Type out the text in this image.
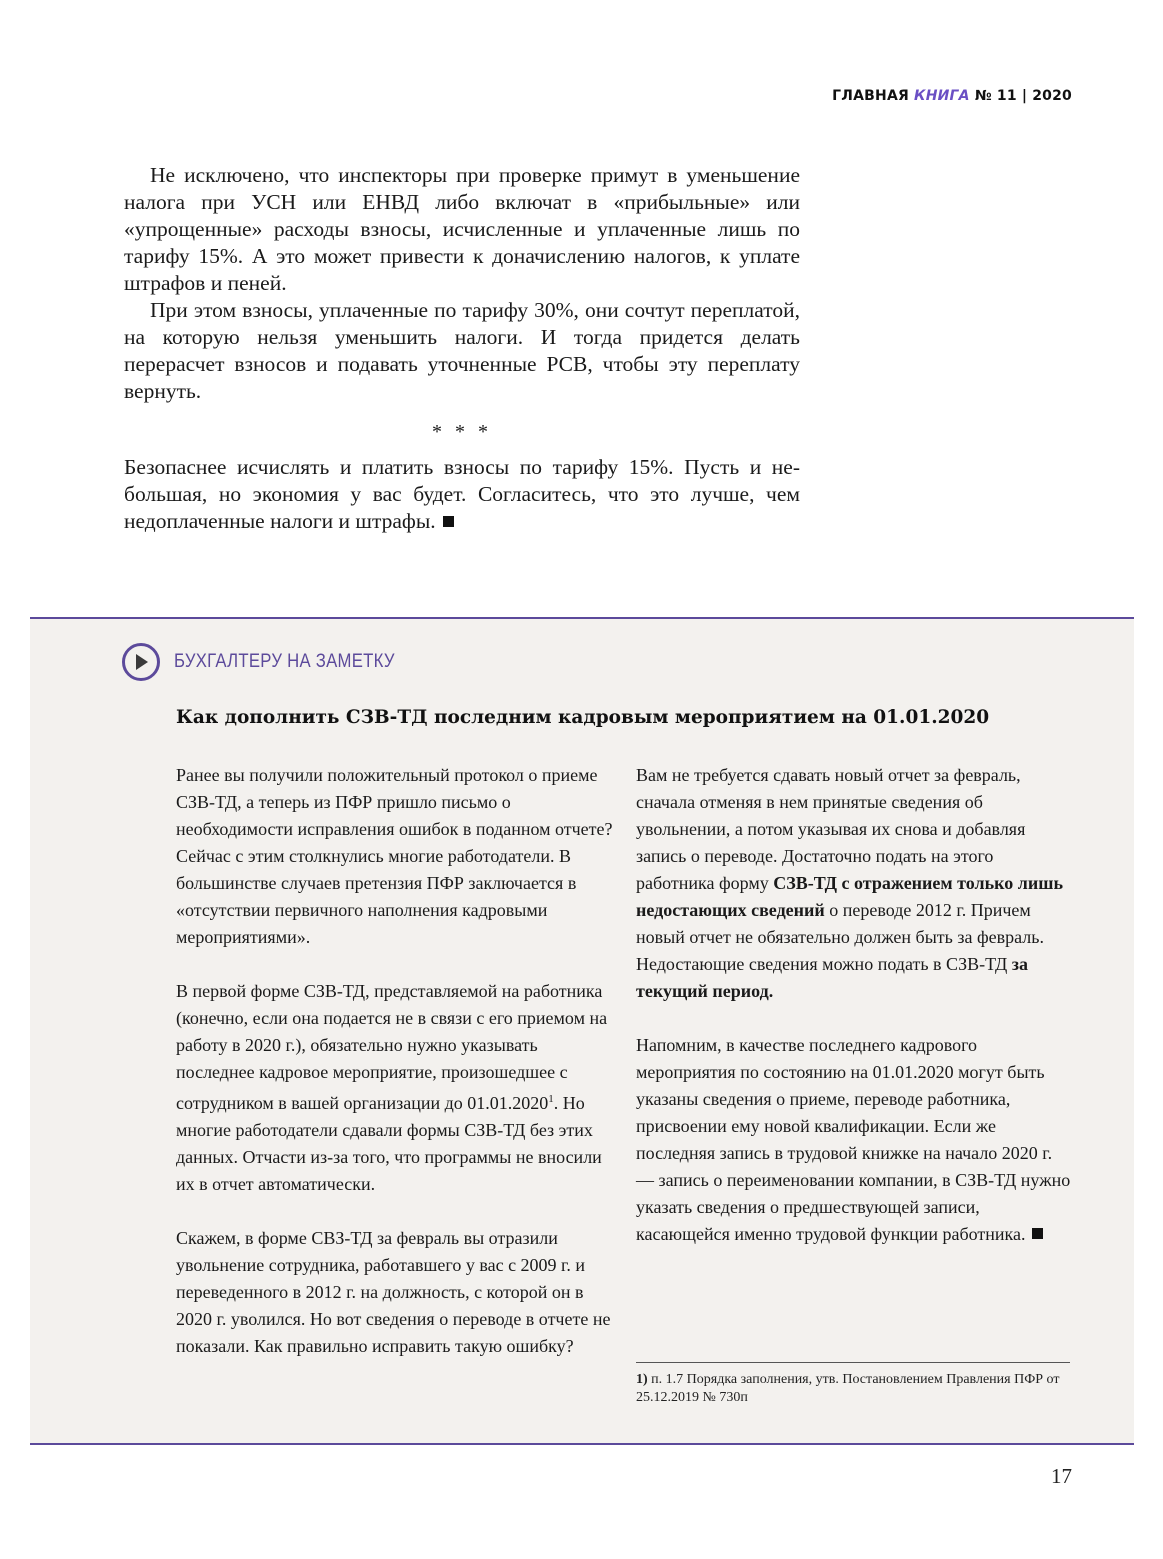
ГЛАВНАЯ КНИГА № 11 | 2020

Не исключено, что инспекторы при проверке примут в уменьшение налога при УСН или ЕНВД либо включат в «прибыльные» или «упрощенные» расходы взносы, исчисленные и уплаченные лишь по тарифу 15%. А это может привести к доначислению налогов, к уплате штрафов и пеней.

При этом взносы, уплаченные по тарифу 30%, они сочтут переплатой, на которую нельзя уменьшить налоги. И тогда придется делать перерасчет взносов и подавать уточненные РСВ, чтобы эту переплату вернуть.

* * *

Безопаснее исчислять и платить взносы по тарифу 15%. Пусть и небольшая, но экономия у вас будет. Согласитесь, что это лучше, чем недоплаченные налоги и штрафы.

БУХГАЛТЕРУ НА ЗАМЕТКУ
Как дополнить СЗВ-ТД последним кадровым мероприятием на 01.01.2020

Ранее вы получили положительный протокол о приеме СЗВ-ТД, а теперь из ПФР пришло письмо о необходимости исправления ошибок в поданном отчете? Сейчас с этим столкнулись многие работодатели. В большинстве случаев претензия ПФР заключается в «отсутствии первичного наполнения кадровыми мероприятиями».

В первой форме СЗВ-ТД, представляемой на работника (конечно, если она подается не в связи с его приемом на работу в 2020 г.), обязательно нужно указывать последнее кадровое мероприятие, произошедшее с сотрудником в вашей организации до 01.01.2020$^1$. Но многие работодатели сдавали формы СЗВ-ТД без этих данных. Отчасти из-за того, что программы не вносили их в отчет автоматически.

Скажем, в форме СВЗ-ТД за февраль вы отразили увольнение сотрудника, работавшего у вас с 2009 г. и переведенного в 2012 г. на должность, с которой он в 2020 г. уволился. Но вот сведения о переводе в отчете не показали. Как правильно исправить такую ошибку?

Вам не требуется сдавать новый отчет за февраль, сначала отменяя в нем принятые сведения об увольнении, а потом указывая их снова и добавляя запись о переводе. Достаточно подать на этого работника форму СЗВ-ТД с отражением только лишь недостающих сведений о переводе 2012 г. Причем новый отчет не обязательно должен быть за февраль. Недостающие сведения можно подать в СЗВ-ТД за текущий период.

Напомним, в качестве последнего кадрового мероприятия по состоянию на 01.01.2020 могут быть указаны сведения о приеме, переводе работника, присвоении ему новой квалификации. Если же последняя запись в трудовой книжке на начало 2020 г. — запись о переименовании компании, в СЗВ-ТД нужно указать сведения о предшествующей записи, касающейся именно трудовой функции работника.

1) п. 1.7 Порядка заполнения, утв. Постановлением Правления ПФР от 25.12.2019 № 730п
17
